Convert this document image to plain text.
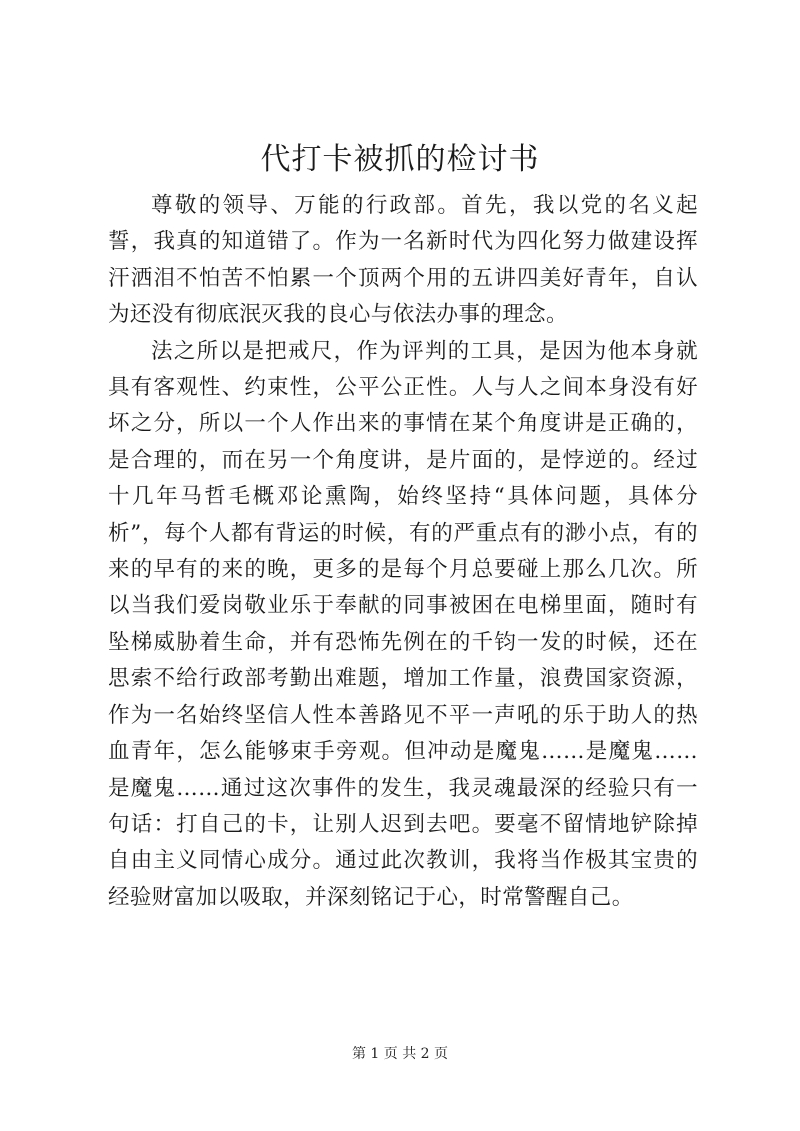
代打卡被抓的检讨书

尊敬的领导、万能的行政部。首先，我以党的名义起誓，我真的知道错了。作为一名新时代为四化努力做建设挥汗洒泪不怕苦不怕累一个顶两个用的五讲四美好青年，自认为还没有彻底泯灭我的良心与依法办事的理念。

法之所以是把戒尺，作为评判的工具，是因为他本身就具有客观性、约束性，公平公正性。人与人之间本身没有好坏之分，所以一个人作出来的事情在某个角度讲是正确的，是合理的，而在另一个角度讲，是片面的，是悖逆的。经过十几年马哲毛概邓论熏陶，始终坚持“具体问题，具体分析”，每个人都有背运的时候，有的严重点有的渺小点，有的来的早有的来的晚，更多的是每个月总要碰上那么几次。所以当我们爱岗敬业乐于奉献的同事被困在电梯里面，随时有坠梯威胁着生命，并有恐怖先例在的千钧一发的时候，还在思索不给行政部考勤出难题，增加工作量，浪费国家资源，作为一名始终坚信人性本善路见不平一声吼的乐于助人的热血青年，怎么能够束手旁观。但冲动是魔鬼……是魔鬼……是魔鬼……通过这次事件的发生，我灵魂最深的经验只有一句话：打自己的卡，让别人迟到去吧。要毫不留情地铲除掉自由主义同情心成分。通过此次教训，我将当作极其宝贵的经验财富加以吸取，并深刻铭记于心，时常警醒自己。

第 1 页 共 2 页
